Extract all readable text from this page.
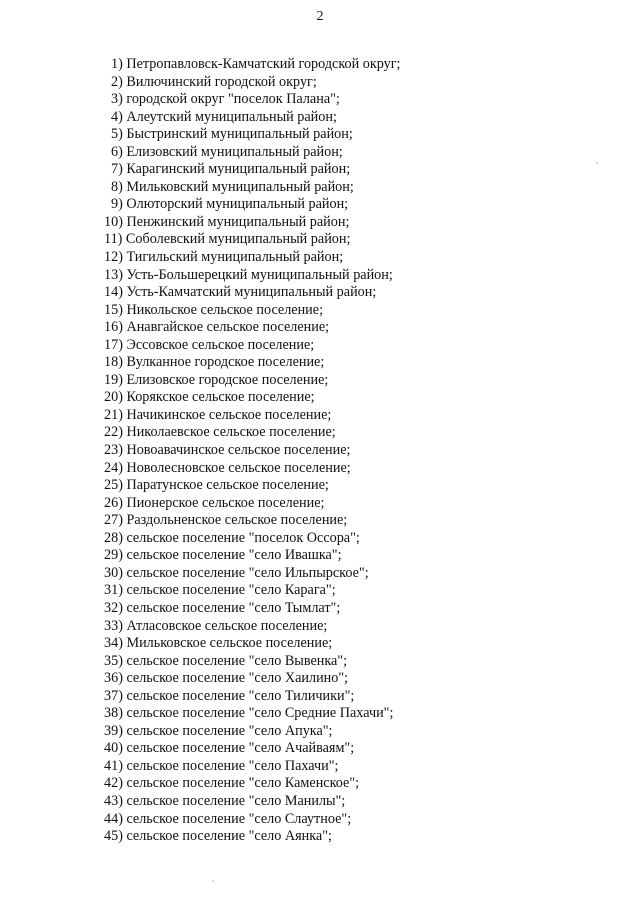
2
1) Петропавловск-Камчатский городской округ;
2) Вилючинский городской округ;
3) городской округ "поселок Палана";
4) Алеутский муниципальный район;
5) Быстринский муниципальный район;
6) Елизовский муниципальный район;
7) Карагинский муниципальный район;
8) Мильковский муниципальный район;
9) Олюторский муниципальный район;
10) Пенжинский муниципальный район;
11) Соболевский муниципальный район;
12) Тигильский муниципальный район;
13) Усть-Большерецкий муниципальный район;
14) Усть-Камчатский муниципальный район;
15) Никольское сельское поселение;
16) Анавгайское сельское поселение;
17) Эссовское сельское поселение;
18) Вулканное городское поселение;
19) Елизовское городское поселение;
20) Корякское сельское поселение;
21) Начикинское сельское поселение;
22) Николаевское сельское поселение;
23) Новоавачинское сельское поселение;
24) Новолесновское сельское поселение;
25) Паратунское сельское поселение;
26) Пионерское сельское поселение;
27) Раздольненское сельское поселение;
28) сельское поселение "поселок Оссора";
29) сельское поселение "село Ивашка";
30) сельское поселение "село Ильпырское";
31) сельское поселение "село Карага";
32) сельское поселение "село Тымлат";
33) Атласовское сельское поселение;
34) Мильковское сельское поселение;
35) сельское поселение "село Вывенка";
36) сельское поселение "село Хаилино";
37) сельское поселение "село Тиличики";
38) сельское поселение "село Средние Пахачи";
39) сельское поселение "село Апука";
40) сельское поселение "село Ачайваям";
41) сельское поселение "село Пахачи";
42) сельское поселение "село Каменское";
43) сельское поселение "село Манилы";
44) сельское поселение "село Слаутное";
45) сельское поселение "село Аянка";
